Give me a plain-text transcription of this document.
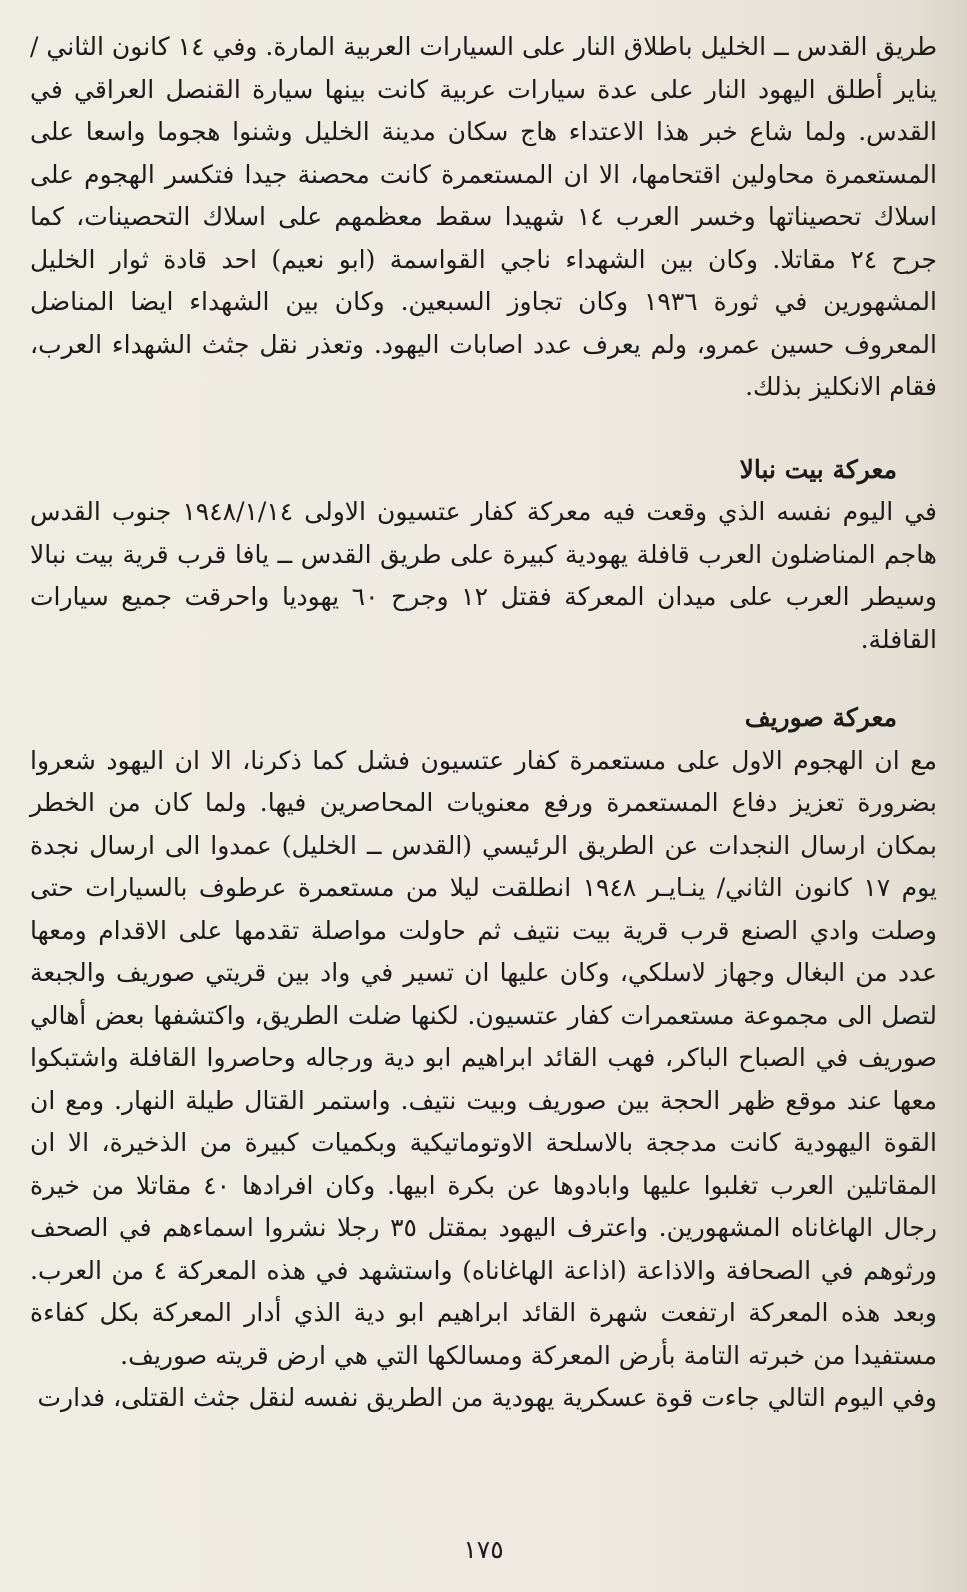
طريق القدس ــ الخليل باطلاق النار على السيارات العربية المارة. وفي ١٤ كانون الثاني / يناير أطلق اليهود النار على عدة سيارات عربية كانت بينها سيارة القنصل العراقي في القدس. ولما شاع خبر هذا الاعتداء هاج سكان مدينة الخليل وشنوا هجوما واسعا على المستعمرة محاولين اقتحامها، الا ان المستعمرة كانت محصنة جيدا فتكسر الهجوم على اسلاك تحصيناتها وخسر العرب ١٤ شهيدا سقط معظمهم على اسلاك التحصينات، كما جرح ٢٤ مقاتلا. وكان بين الشهداء ناجي القواسمة (ابو نعيم) احد قادة ثوار الخليل المشهورين في ثورة ١٩٣٦ وكان تجاوز السبعين. وكان بين الشهداء ايضا المناضل المعروف حسين عمرو، ولم يعرف عدد اصابات اليهود. وتعذر نقل جثث الشهداء العرب، فقام الانكليز بذلك.

معركة بيت نبالا

في اليوم نفسه الذي وقعت فيه معركة كفار عتسيون الاولى ١٩٤٨/١/١٤ جنوب القدس هاجم المناضلون العرب قافلة يهودية كبيرة على طريق القدس ــ يافا قرب قرية بيت نبالا وسيطر العرب على ميدان المعركة فقتل ١٢ وجرح ٦٠ يهوديا واحرقت جميع سيارات القافلة.

معركة صوريف

مع ان الهجوم الاول على مستعمرة كفار عتسيون فشل كما ذكرنا، الا ان اليهود شعروا بضرورة تعزيز دفاع المستعمرة ورفع معنويات المحاصرين فيها. ولما كان من الخطر بمكان ارسال النجدات عن الطريق الرئيسي (القدس ــ الخليل) عمدوا الى ارسال نجدة يوم ١٧ كانون الثاني/ ينـايـر ١٩٤٨ انطلقت ليلا من مستعمرة عرطوف بالسيارات حتى وصلت وادي الصنع قرب قرية بيت نتيف ثم حاولت مواصلة تقدمها على الاقدام ومعها عدد من البغال وجهاز لاسلكي، وكان عليها ان تسير في واد بين قريتي صوريف والجبعة لتصل الى مجموعة مستعمرات كفار عتسيون. لكنها ضلت الطريق، واكتشفها بعض أهالي صوريف في الصباح الباكر، فهب القائد ابراهيم ابو دية ورجاله وحاصروا القافلة واشتبكوا معها عند موقع ظهر الحجة بين صوريف وبيت نتيف. واستمر القتال طيلة النهار. ومع ان القوة اليهودية كانت مدججة بالاسلحة الاوتوماتيكية وبكميات كبيرة من الذخيرة، الا ان المقاتلين العرب تغلبوا عليها وابادوها عن بكرة ابيها. وكان افرادها ٤٠ مقاتلا من خيرة رجال الهاغاناه المشهورين. واعترف اليهود بمقتل ٣٥ رجلا نشروا اسماءهم في الصحف ورثوهم في الصحافة والاذاعة (اذاعة الهاغاناه) واستشهد في هذه المعركة ٤ من العرب. وبعد هذه المعركة ارتفعت شهرة القائد ابراهيم ابو دية الذي أدار المعركة بكل كفاءة مستفيدا من خبرته التامة بأرض المعركة ومسالكها التي هي ارض قريته صوريف.

وفي اليوم التالي جاءت قوة عسكرية يهودية من الطريق نفسه لنقل جثث القتلى، فدارت

١٧٥
